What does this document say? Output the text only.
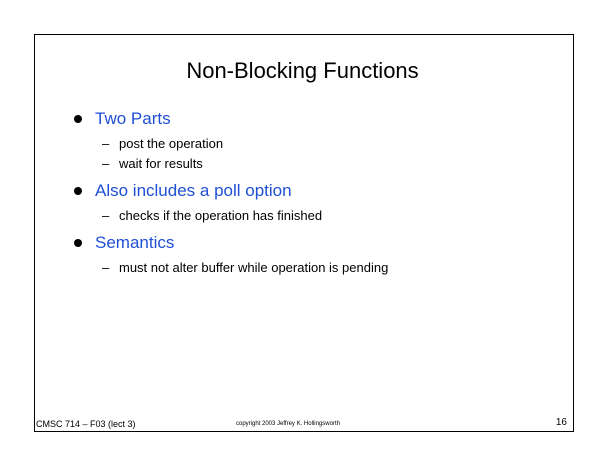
Non-Blocking Functions
Two Parts
– post the operation
– wait for results
Also includes a poll option
– checks if the operation has finished
Semantics
– must not alter buffer while operation is pending
CMSC 714 – F03 (lect 3)	copyright 2003 Jeffrey K. Hollingsworth	16
